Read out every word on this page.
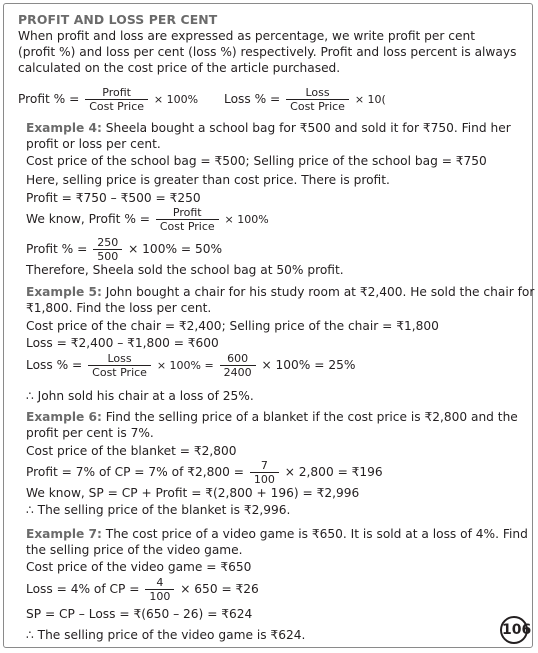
PROFIT AND LOSS PER CENT
When profit and loss are expressed as percentage, we write profit per cent
(profit %) and loss per cent (loss %) respectively. Profit and loss percent is always
calculated on the cost price of the article purchased.
Profit % = $\frac{\text{Profit}}{\text{Cost Price}} \times 100\%$ Loss % = $\frac{\text{Loss}}{\text{Cost Price}} \times 10$(
Example 4: Sheela bought a school bag for ₹500 and sold it for ₹750. Find her
profit or loss per cent.
Cost price of the school bag = ₹500; Selling price of the school bag = ₹750
Here, selling price is greater than cost price. There is profit.
Profit = ₹750 – ₹500 = ₹250
We know, Profit % = $\frac{\text{Profit}}{\text{Cost Price}} \times 100\%$
Profit % = $\frac{250}{500} \times 100\% = 50\%$
Therefore, Sheela sold the school bag at 50% profit.
Example 5: John bought a chair for his study room at ₹2,400. He sold the chair for
₹1,800. Find the loss per cent.
Cost price of the chair = ₹2,400; Selling price of the chair = ₹1,800
Loss = ₹2,400 – ₹1,800 = ₹600
Loss % = $\frac{\text{Loss}}{\text{Cost Price}} \times 100\% = \frac{600}{2400} \times 100\% = 25\%$
∴ John sold his chair at a loss of 25%.
Example 6: Find the selling price of a blanket if the cost price is ₹2,800 and the
profit per cent is 7%.
Cost price of the blanket = ₹2,800
Profit = 7% of CP = 7% of ₹2,800 = $\frac{7}{100} \times 2,800$ = ₹196
We know, SP = CP + Profit = ₹(2,800 + 196) = ₹2,996
∴ The selling price of the blanket is ₹2,996.
Example 7: The cost price of a video game is ₹650. It is sold at a loss of 4%. Find
the selling price of the video game.
Cost price of the video game = ₹650
Loss = 4% of CP = $\frac{4}{100} \times 650$ = ₹26
SP = CP – Loss = ₹(650 – 26) = ₹624
∴ The selling price of the video game is ₹624.	106
